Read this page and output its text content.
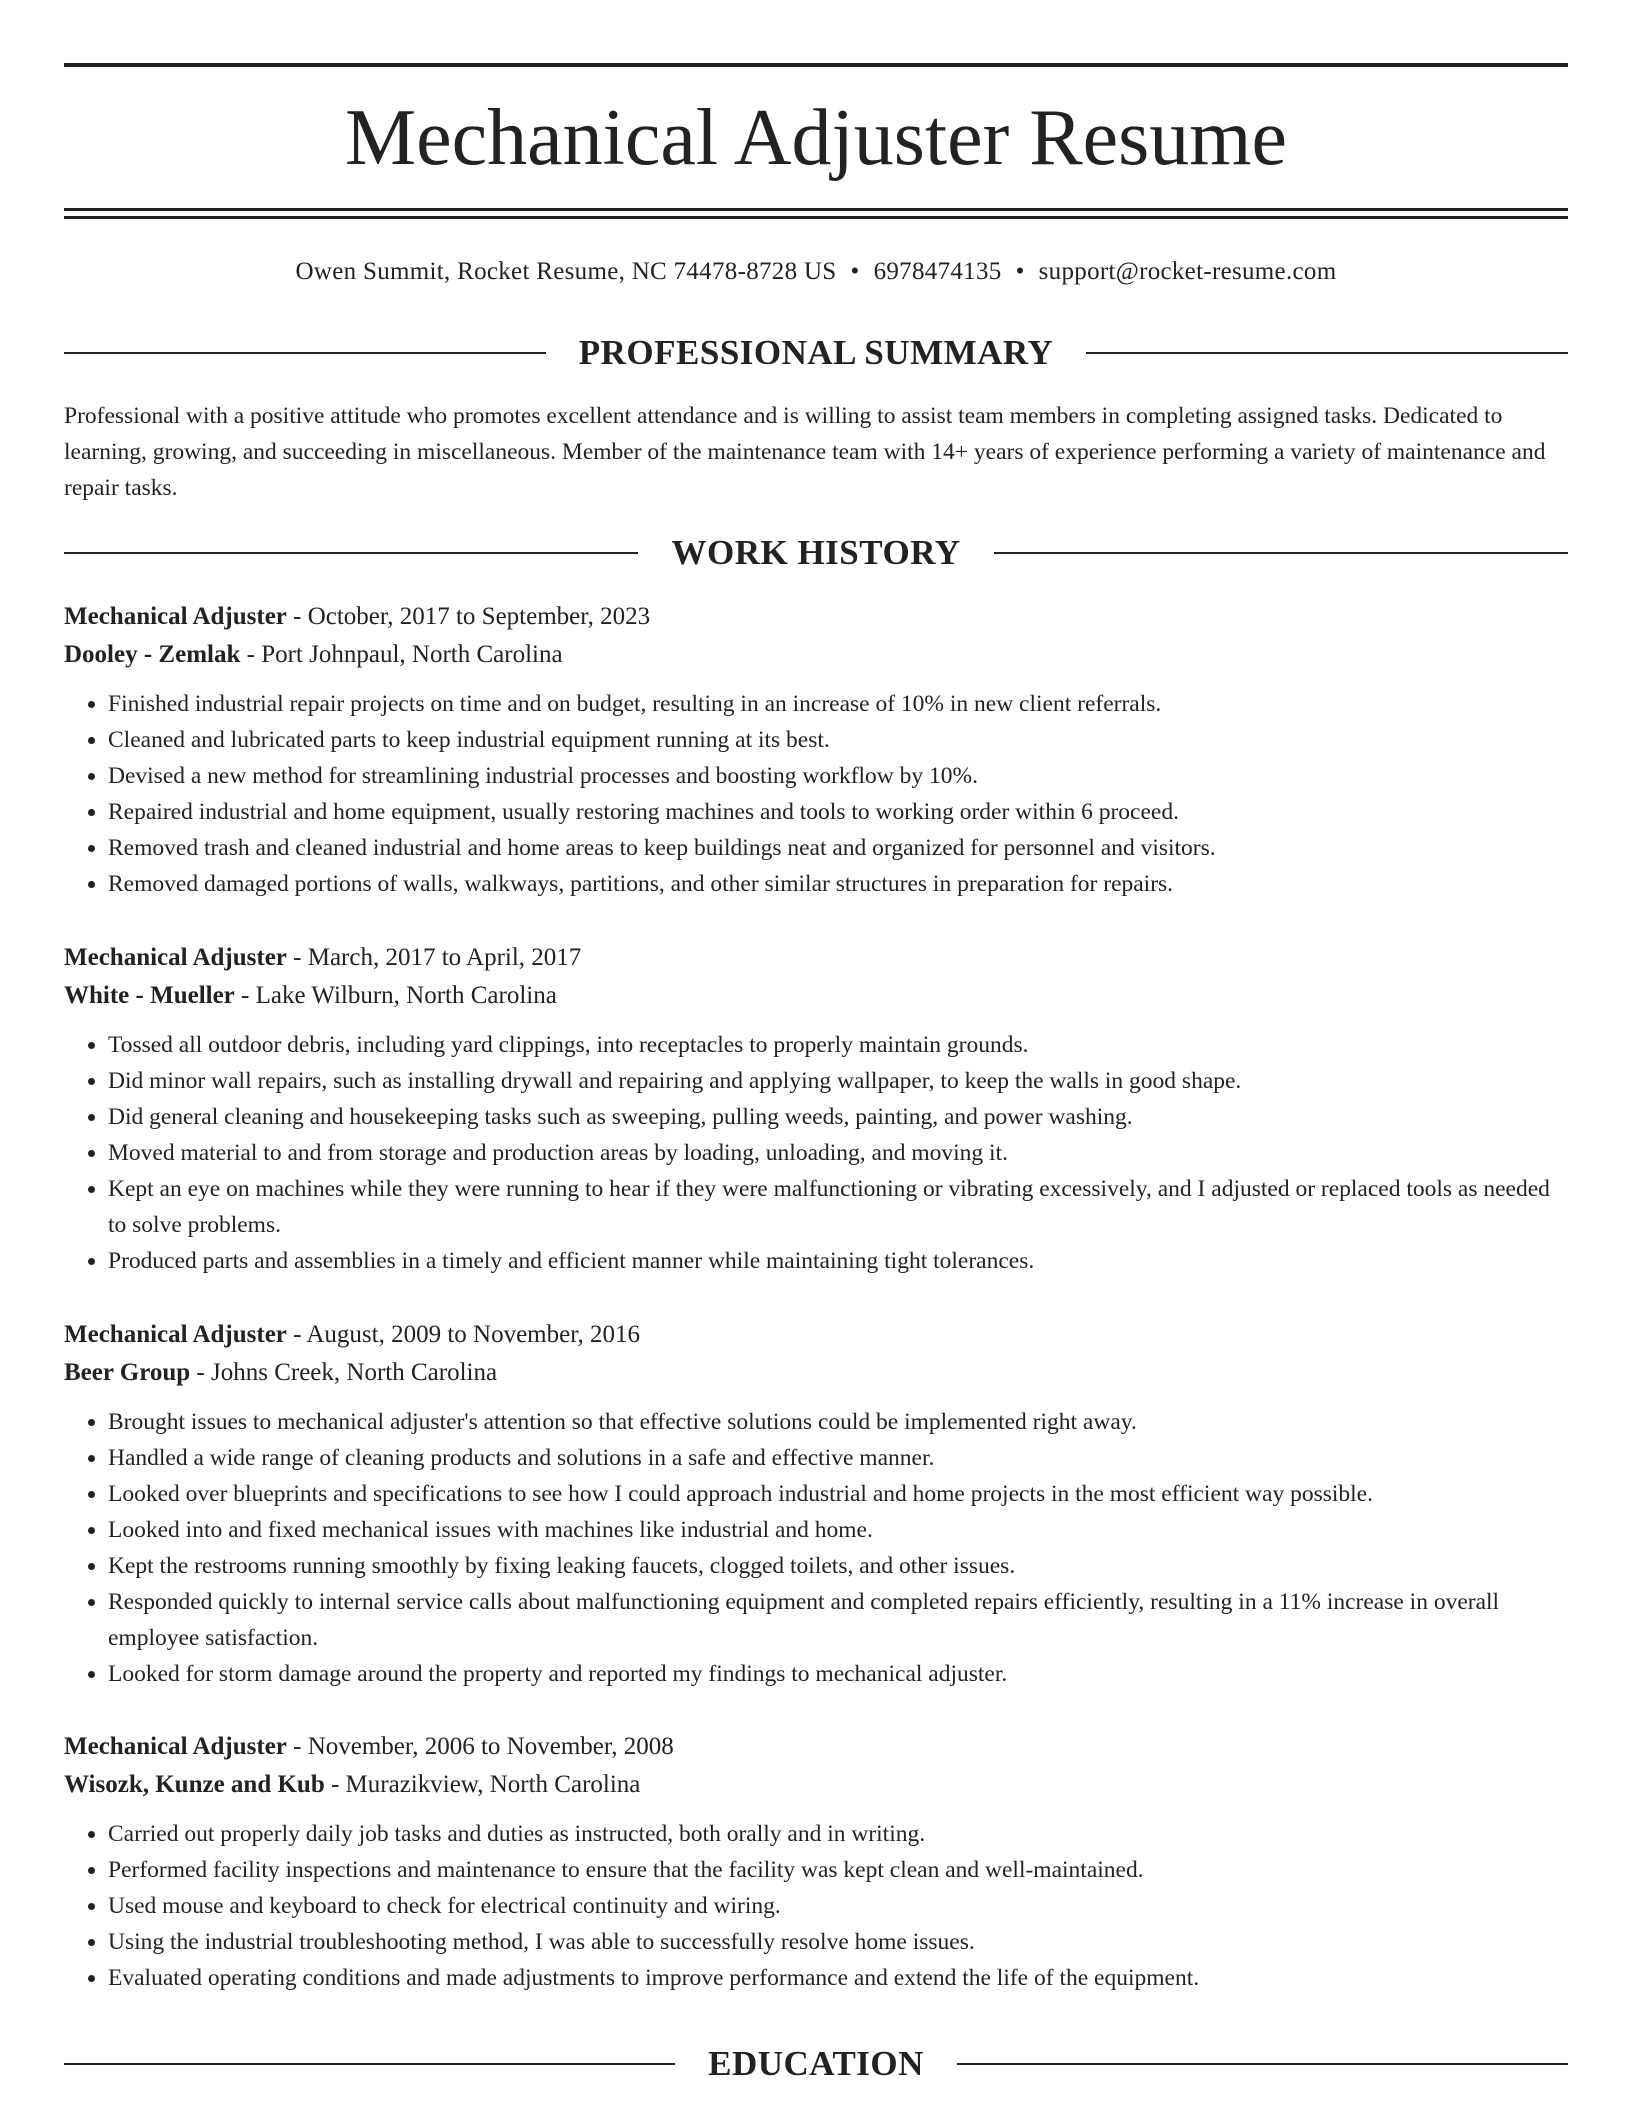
Mechanical Adjuster Resume
Owen Summit, Rocket Resume, NC 74478-8728 US • 6978474135 • support@rocket-resume.com
PROFESSIONAL SUMMARY

Professional with a positive attitude who promotes excellent attendance and is willing to assist team members in completing assigned tasks. Dedicated to learning, growing, and succeeding in miscellaneous. Member of the maintenance team with 14+ years of experience performing a variety of maintenance and repair tasks.

WORK HISTORY
Mechanical Adjuster - October, 2017 to September, 2023
Dooley - Zemlak - Port Johnpaul, North Carolina
• Finished industrial repair projects on time and on budget, resulting in an increase of 10% in new client referrals.
• Cleaned and lubricated parts to keep industrial equipment running at its best.
• Devised a new method for streamlining industrial processes and boosting workflow by 10%.
• Repaired industrial and home equipment, usually restoring machines and tools to working order within 6 proceed.
• Removed trash and cleaned industrial and home areas to keep buildings neat and organized for personnel and visitors.
• Removed damaged portions of walls, walkways, partitions, and other similar structures in preparation for repairs.
Mechanical Adjuster - March, 2017 to April, 2017
White - Mueller - Lake Wilburn, North Carolina
• Tossed all outdoor debris, including yard clippings, into receptacles to properly maintain grounds.
• Did minor wall repairs, such as installing drywall and repairing and applying wallpaper, to keep the walls in good shape.
• Did general cleaning and housekeeping tasks such as sweeping, pulling weeds, painting, and power washing.
• Moved material to and from storage and production areas by loading, unloading, and moving it.
• Kept an eye on machines while they were running to hear if they were malfunctioning or vibrating excessively, and I adjusted or replaced tools as needed to solve problems.
• Produced parts and assemblies in a timely and efficient manner while maintaining tight tolerances.
Mechanical Adjuster - August, 2009 to November, 2016
Beer Group - Johns Creek, North Carolina
• Brought issues to mechanical adjuster's attention so that effective solutions could be implemented right away.
• Handled a wide range of cleaning products and solutions in a safe and effective manner.
• Looked over blueprints and specifications to see how I could approach industrial and home projects in the most efficient way possible.
• Looked into and fixed mechanical issues with machines like industrial and home.
• Kept the restrooms running smoothly by fixing leaking faucets, clogged toilets, and other issues.
• Responded quickly to internal service calls about malfunctioning equipment and completed repairs efficiently, resulting in a 11% increase in overall employee satisfaction.
• Looked for storm damage around the property and reported my findings to mechanical adjuster.
Mechanical Adjuster - November, 2006 to November, 2008
Wisozk, Kunze and Kub - Murazikview, North Carolina
• Carried out properly daily job tasks and duties as instructed, both orally and in writing.
• Performed facility inspections and maintenance to ensure that the facility was kept clean and well-maintained.
• Used mouse and keyboard to check for electrical continuity and wiring.
• Using the industrial troubleshooting method, I was able to successfully resolve home issues.
• Evaluated operating conditions and made adjustments to improve performance and extend the life of the equipment.
EDUCATION
